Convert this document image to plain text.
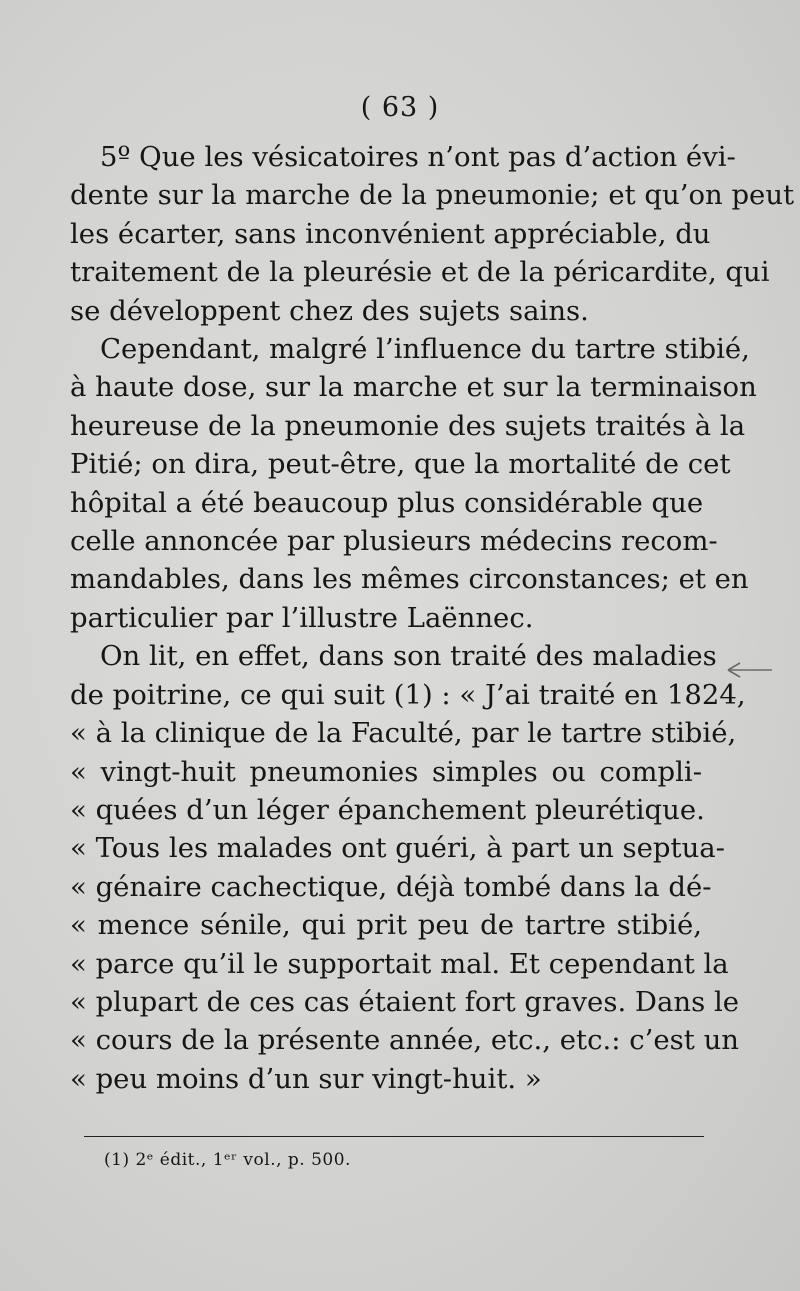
( 63 )

5º Que les vésicatoires n’ont pas d’action évi-
dente sur la marche de la pneumonie; et qu’on peut
les écarter, sans inconvénient appréciable, du
traitement de la pleurésie et de la péricardite, qui
se développent chez des sujets sains.

Cependant, malgré l’influence du tartre stibié,
à haute dose, sur la marche et sur la terminaison
heureuse de la pneumonie des sujets traités à la
Pitié; on dira, peut-être, que la mortalité de cet
hôpital a été beaucoup plus considérable que
celle annoncée par plusieurs médecins recom-
mandables, dans les mêmes circonstances; et en
particulier par l’illustre Laënnec.

On lit, en effet, dans son traité des maladies
de poitrine, ce qui suit (1) : « J’ai traité en 1824,
« à la clinique de la Faculté, par le tartre stibié,
« vingt-huit pneumonies simples ou compli-
« quées d’un léger épanchement pleurétique.
« Tous les malades ont guéri, à part un septua-
« génaire cachectique, déjà tombé dans la dé-
« mence sénile, qui prit peu de tartre stibié,
« parce qu’il le supportait mal. Et cependant la
« plupart de ces cas étaient fort graves. Dans le
« cours de la présente année, etc., etc.: c’est un
« peu moins d’un sur vingt-huit. »

(1) 2ᵉ édit., 1ᵉʳ vol., p. 500.
